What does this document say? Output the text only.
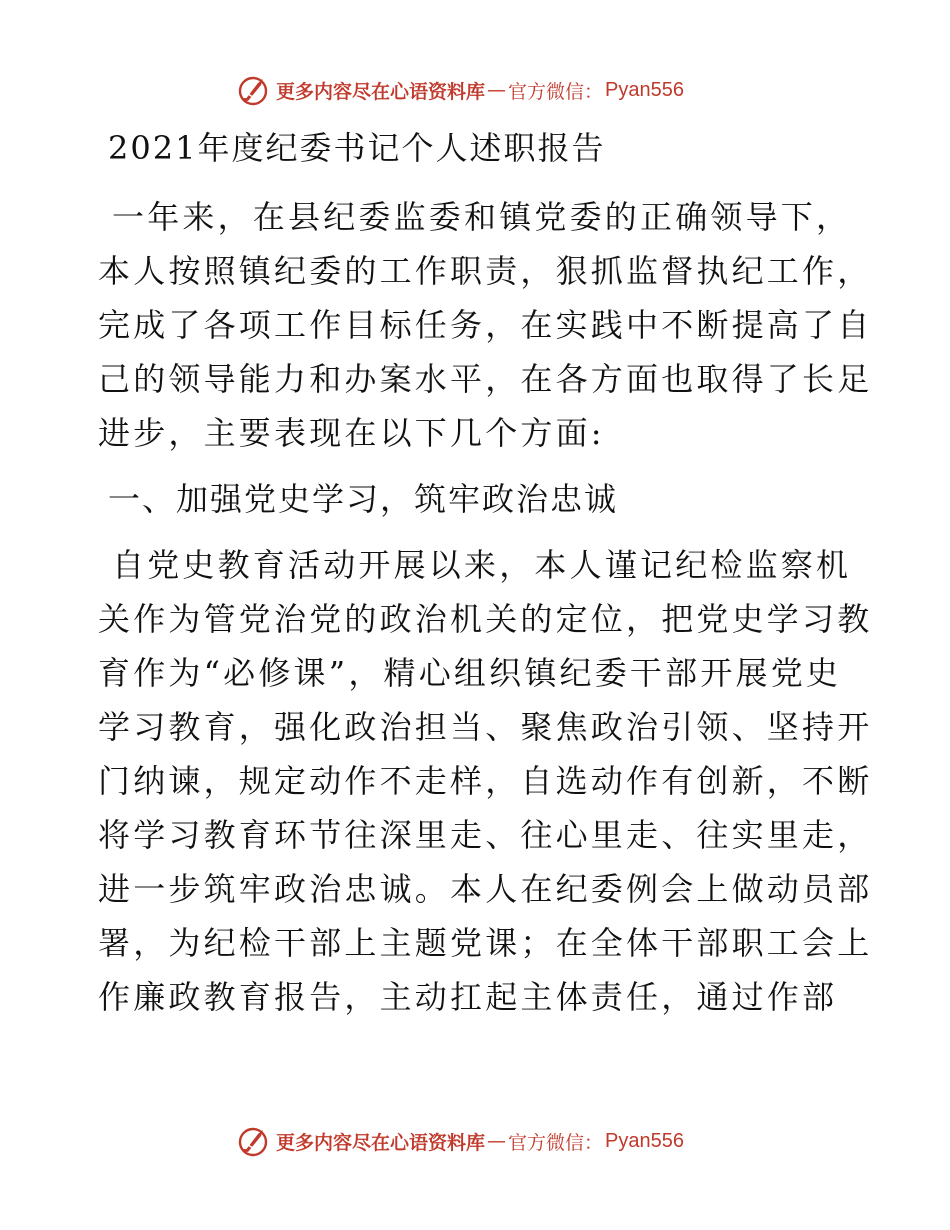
更多内容尽在心语资料库 — 官方微信： Pyan556
2021年度纪委书记个人述职报告
一年来，在县纪委监委和镇党委的正确领导下，
本人按照镇纪委的工作职责，狠抓监督执纪工作，
完成了各项工作目标任务，在实践中不断提高了自
己的领导能力和办案水平，在各方面也取得了长足
进步，主要表现在以下几个方面:
一、加强党史学习，筑牢政治忠诚
自党史教育活动开展以来，本人谨记纪检监察机
关作为管党治党的政治机关的定位，把党史学习教
育作为“必修课”，精心组织镇纪委干部开展党史
学习教育，强化政治担当、聚焦政治引领、坚持开
门纳谏，规定动作不走样，自选动作有创新，不断
将学习教育环节往深里走、往心里走、往实里走，
进一步筑牢政治忠诚。本人在纪委例会上做动员部
署，为纪检干部上主题党课；在全体干部职工会上
作廉政教育报告，主动扛起主体责任，通过作部
更多内容尽在心语资料库 — 官方微信： Pyan556
